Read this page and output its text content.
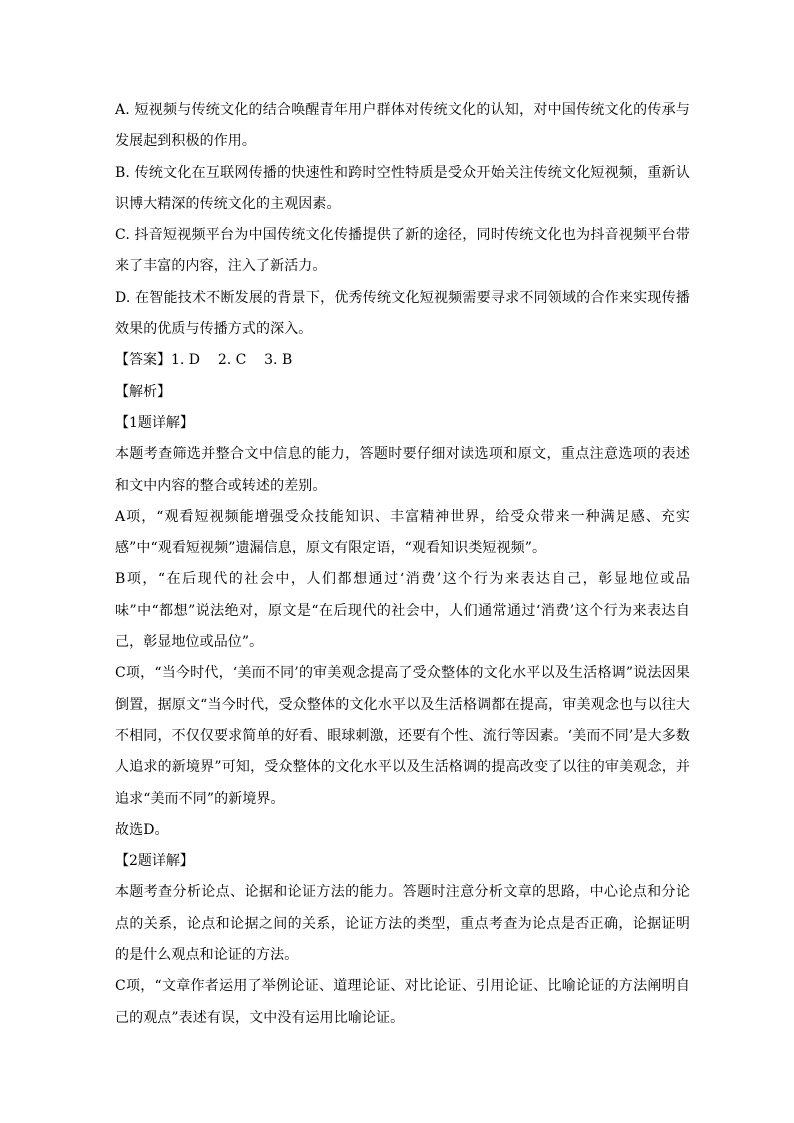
A. 短视频与传统文化的结合唤醒青年用户群体对传统文化的认知，对中国传统文化的传承与发展起到积极的作用。

B. 传统文化在互联网传播的快速性和跨时空性特质是受众开始关注传统文化短视频，重新认识博大精深的传统文化的主观因素。

C. 抖音短视频平台为中国传统文化传播提供了新的途径，同时传统文化也为抖音视频平台带来了丰富的内容，注入了新活力。

D. 在智能技术不断发展的背景下，优秀传统文化短视频需要寻求不同领域的合作来实现传播效果的优质与传播方式的深入。

【答案】1. D    2. C    3. B

【解析】

【1题详解】

本题考查筛选并整合文中信息的能力，答题时要仔细对读选项和原文，重点注意选项的表述和文中内容的整合或转述的差别。

A项，“观看短视频能增强受众技能知识、丰富精神世界，给受众带来一种满足感、充实感”中“观看短视频”遗漏信息，原文有限定语，“观看知识类短视频”。

B项，“在后现代的社会中，人们都想通过‘消费’这个行为来表达自己，彰显地位或品味”中“都想”说法绝对，原文是“在后现代的社会中，人们通常通过‘消费’这个行为来表达自己，彰显地位或品位”。

C项，“当今时代，‘美而不同’的审美观念提高了受众整体的文化水平以及生活格调”说法因果倒置，据原文“当今时代，受众整体的文化水平以及生活格调都在提高，审美观念也与以往大不相同，不仅仅要求简单的好看、眼球刺激，还要有个性、流行等因素。‘美而不同’是大多数人追求的新境界”可知，受众整体的文化水平以及生活格调的提高改变了以往的审美观念，并追求“美而不同”的新境界。

故选D。

【2题详解】

本题考查分析论点、论据和论证方法的能力。答题时注意分析文章的思路，中心论点和分论点的关系，论点和论据之间的关系，论证方法的类型，重点考查为论点是否正确，论据证明的是什么观点和论证的方法。

C项，“文章作者运用了举例论证、道理论证、对比论证、引用论证、比喻论证的方法阐明自己的观点”表述有误，文中没有运用比喻论证。
